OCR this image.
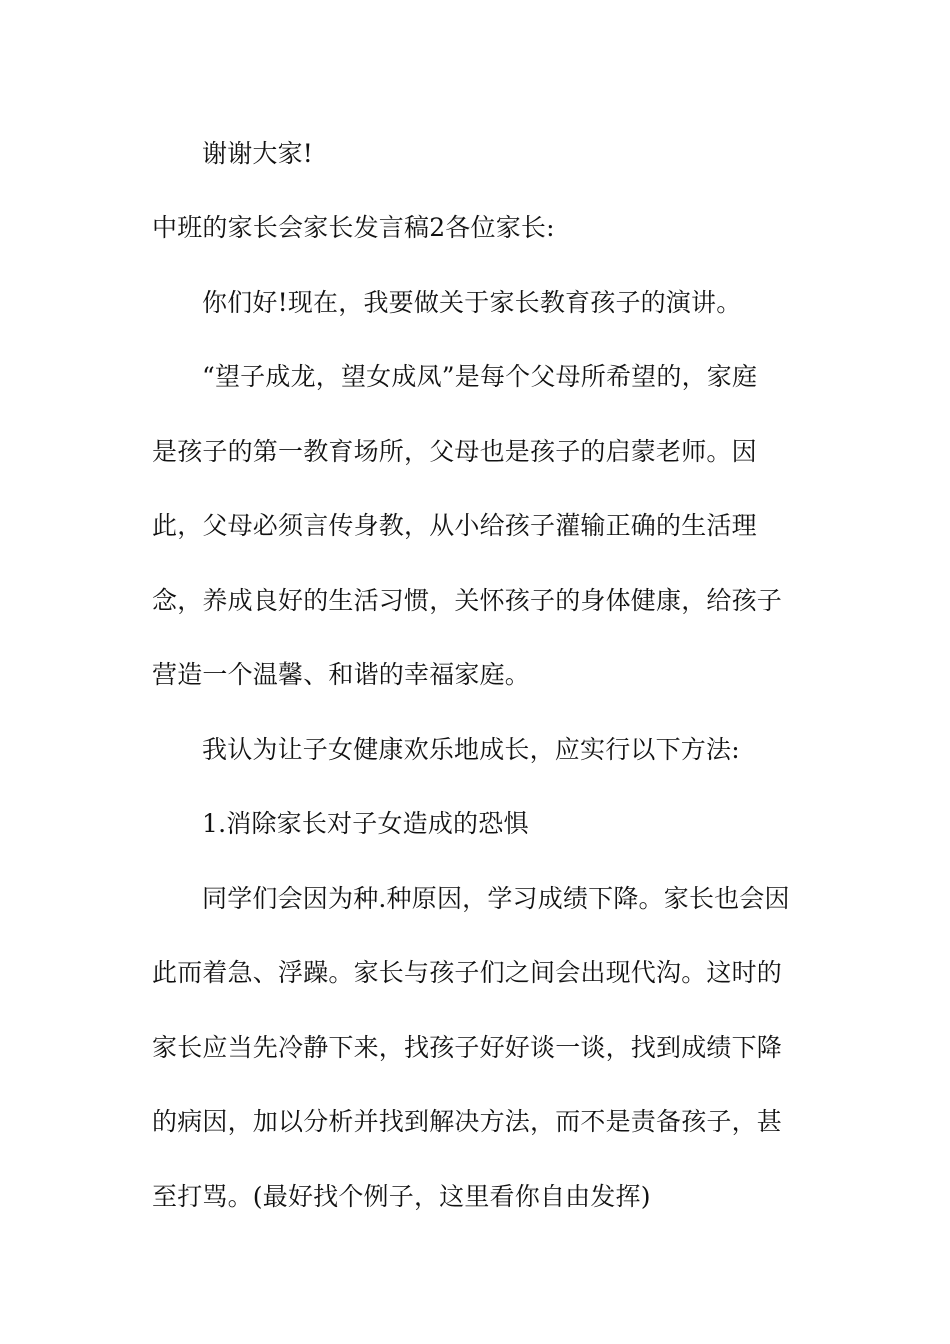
谢谢大家!
中班的家长会家长发言稿2各位家长:
你们好!现在，我要做关于家长教育孩子的演讲。
“望子成龙，望女成凤”是每个父母所希望的，家庭
是孩子的第一教育场所，父母也是孩子的启蒙老师。因
此，父母必须言传身教，从小给孩子灌输正确的生活理
念，养成良好的生活习惯，关怀孩子的身体健康，给孩子
营造一个温馨、和谐的幸福家庭。
我认为让子女健康欢乐地成长，应实行以下方法:
1.消除家长对子女造成的恐惧
同学们会因为种.种原因，学习成绩下降。家长也会因
此而着急、浮躁。家长与孩子们之间会出现代沟。这时的
家长应当先冷静下来，找孩子好好谈一谈，找到成绩下降
的病因，加以分析并找到解决方法，而不是责备孩子，甚
至打骂。(最好找个例子，这里看你自由发挥)
